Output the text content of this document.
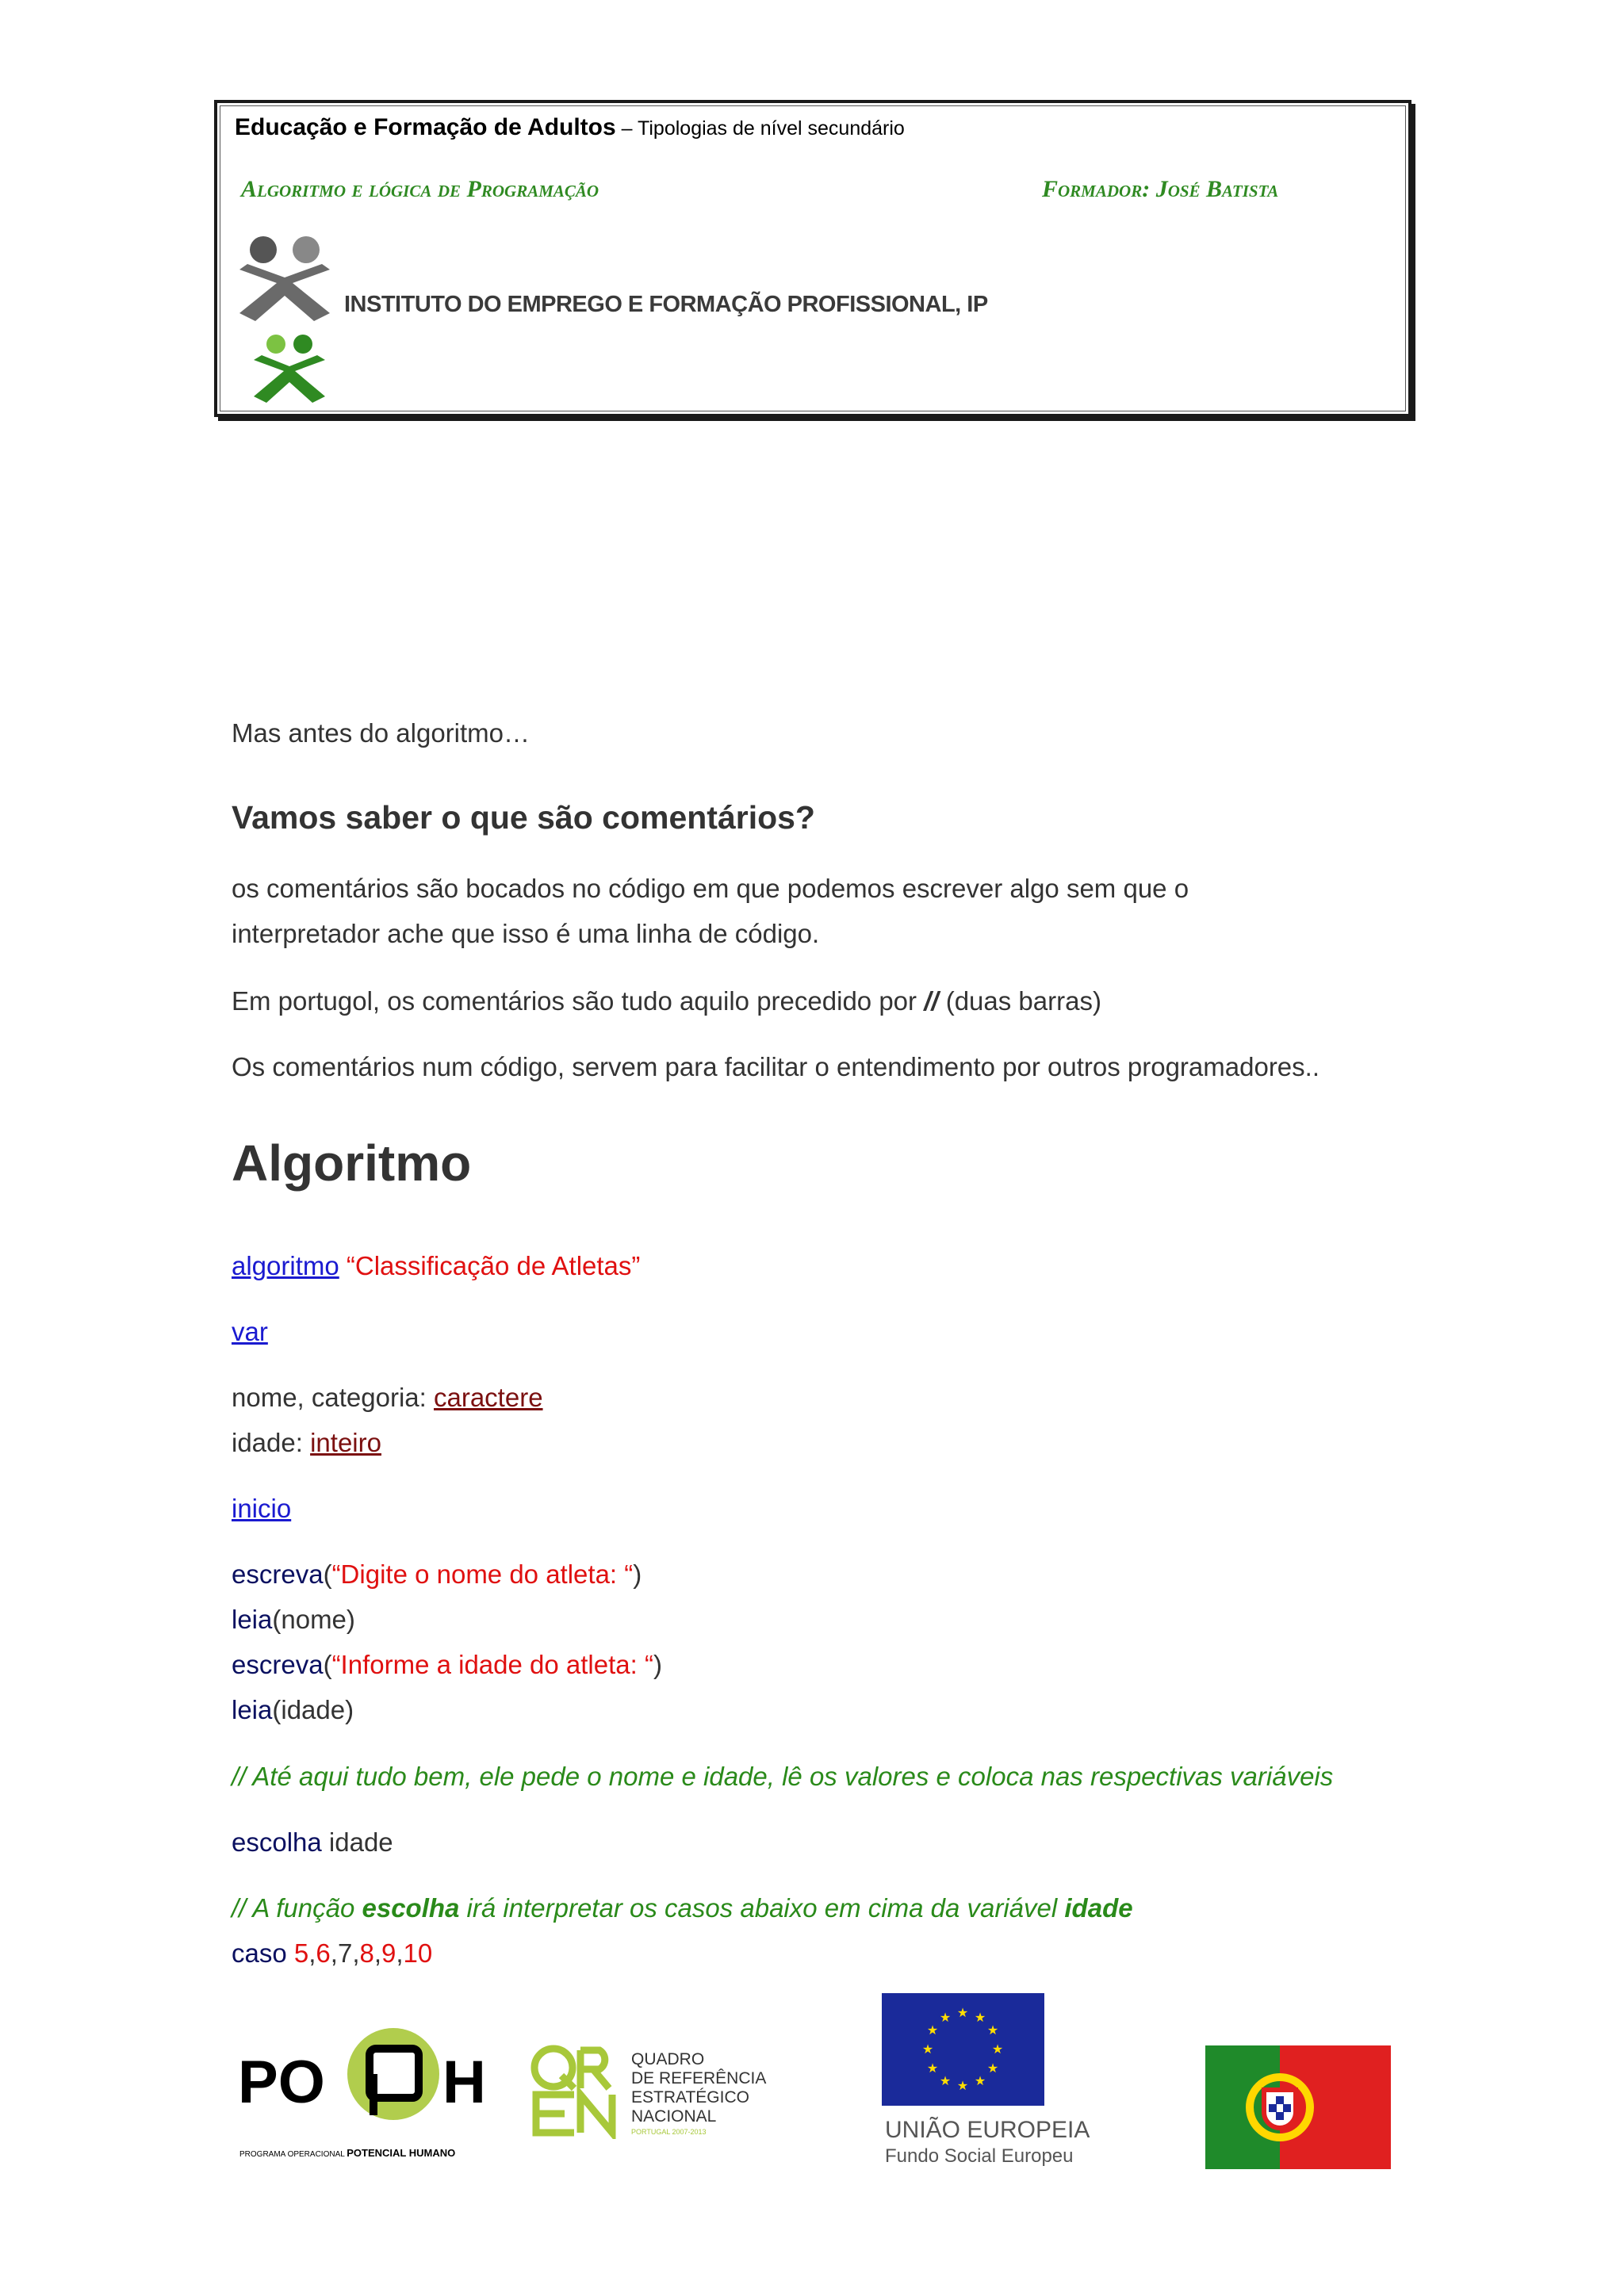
Educação e Formação de Adultos – Tipologias de nível secundário
Algoritmo e lógica de Programação	Formador: José Batista
INSTITUTO DO EMPREGO E FORMAÇÃO PROFISSIONAL, IP
Mas antes do algoritmo…
Vamos saber o que são comentários?
os comentários são bocados no código em que podemos escrever algo sem que o
interpretador ache que isso é uma linha de código.
Em portugol, os comentários são tudo aquilo precedido por // (duas barras)
Os comentários num código, servem para facilitar o entendimento por outros programadores..
Algoritmo
algoritmo “Classificação de Atletas”
var
nome, categoria: caractere
idade: inteiro
inicio
escreva(“Digite o nome do atleta: “)
leia(nome)
escreva(“Informe a idade do atleta: “)
leia(idade)
// Até aqui tudo bem, ele pede o nome e idade, lê os valores e coloca nas respectivas variáveis
escolha idade
// A função escolha irá interpretar os casos abaixo em cima da variável idade
caso 5,6,7,8,9,10
PO H
PROGRAMA OPERACIONAL POTENCIAL HUMANO
QUADRO
DE REFERÊNCIA
ESTRATÉGICO
NACIONAL
PORTUGAL 2007-2013
★ ★
★
★
★
★
★
★
★
★
★
★
UNIÃO EUROPEIA
Fundo Social Europeu
